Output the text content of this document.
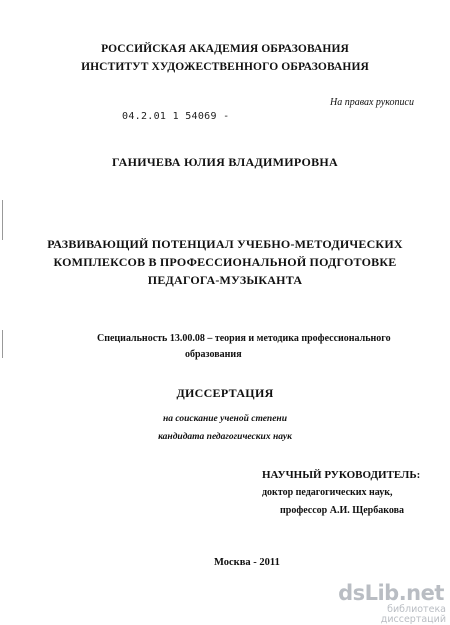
РОССИЙСКАЯ АКАДЕМИЯ ОБРАЗОВАНИЯ
ИНСТИТУТ ХУДОЖЕСТВЕННОГО ОБРАЗОВАНИЯ
На правах рукописи
04.2.01 1 54069 -
ГАНИЧЕВА ЮЛИЯ ВЛАДИМИРОВНА
РАЗВИВАЮЩИЙ ПОТЕНЦИАЛ УЧЕБНО-МЕТОДИЧЕСКИХ
КОМПЛЕКСОВ В ПРОФЕССИОНАЛЬНОЙ ПОДГОТОВКЕ
ПЕДАГОГА-МУЗЫКАНТА
Специальность 13.00.08 – теория и методика профессионального
образования
ДИССЕРТАЦИЯ
на соискание ученой степени
кандидата педагогических наук
НАУЧНЫЙ РУКОВОДИТЕЛЬ:
доктор педагогических наук,
профессор А.И. Щербакова
Москва - 2011
dsLib.net
библиотека диссертаций
